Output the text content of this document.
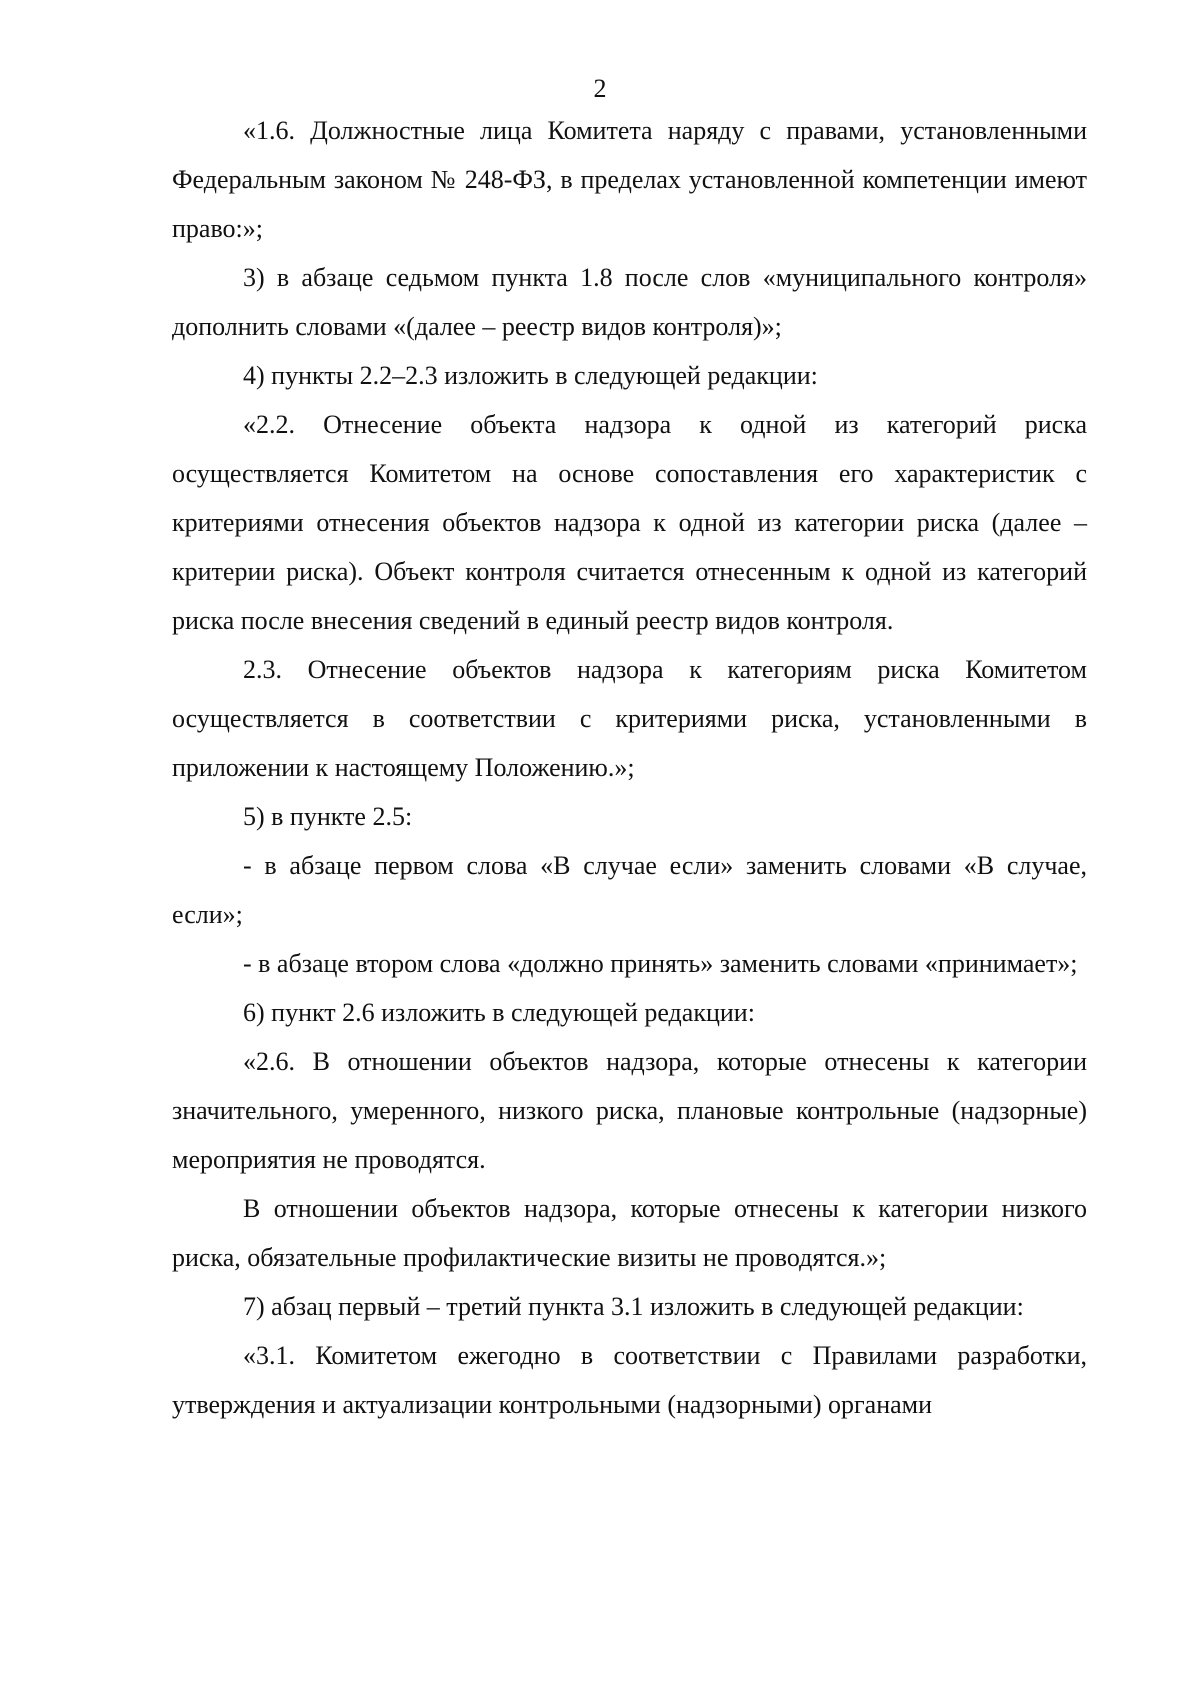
2

«1.6. Должностные лица Комитета наряду с правами, установленными Федеральным законом № 248-ФЗ, в пределах установленной компетенции имеют право:»;

3) в абзаце седьмом пункта 1.8 после слов «муниципального контроля» дополнить словами «(далее – реестр видов контроля)»;

4) пункты 2.2–2.3 изложить в следующей редакции:

«2.2. Отнесение объекта надзора к одной из категорий риска осуществляется Комитетом на основе сопоставления его характеристик с критериями отнесения объектов надзора к одной из категории риска (далее – критерии риска). Объект контроля считается отнесенным к одной из категорий риска после внесения сведений в единый реестр видов контроля.

2.3. Отнесение объектов надзора к категориям риска Комитетом осуществляется в соответствии с критериями риска, установленными в приложении к настоящему Положению.»;

5) в пункте 2.5:

- в абзаце первом слова «В случае если» заменить словами «В случае, если»;

- в абзаце втором слова «должно принять» заменить словами «принимает»;

6) пункт 2.6 изложить в следующей редакции:

«2.6. В отношении объектов надзора, которые отнесены к категории значительного, умеренного, низкого риска, плановые контрольные (надзорные) мероприятия не проводятся.

В отношении объектов надзора, которые отнесены к категории низкого риска, обязательные профилактические визиты не проводятся.»;

7) абзац первый – третий пункта 3.1 изложить в следующей редакции:

«3.1. Комитетом ежегодно в соответствии с Правилами разработки, утверждения и актуализации контрольными (надзорными) органами
